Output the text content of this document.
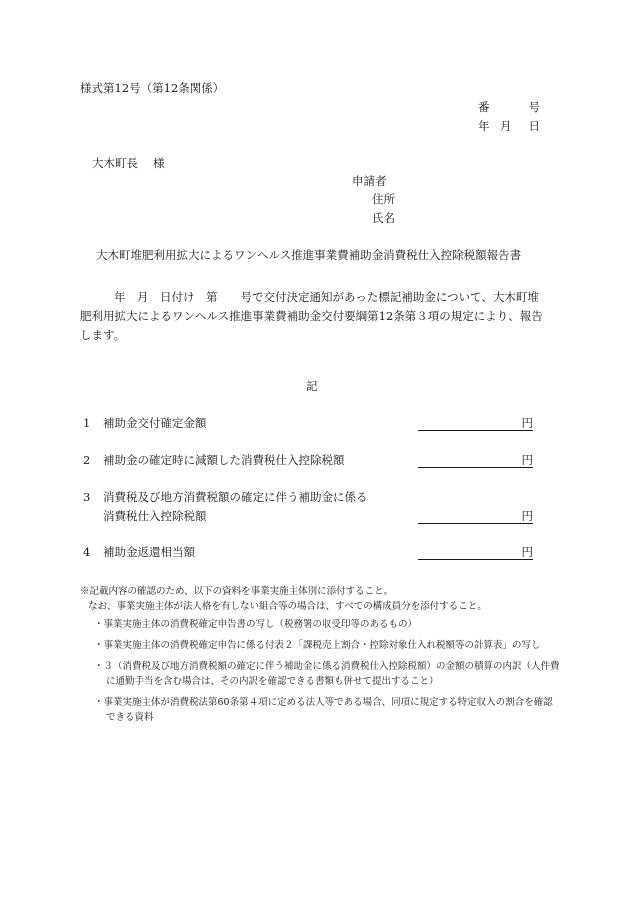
様式第12号（第12条関係）
番	号
年 月 日
大木町長　 様
申請者
住所
氏名
大木町堆肥利用拡大によるワンヘルス推進事業費補助金消費税仕入控除税額報告書
年　月　日付け　第　　号で交付決定通知があった標記補助金について、大木町堆肥利用拡大によるワンヘルス推進事業費補助金交付要綱第12条第３項の規定により、報告します。
記
1 補助金交付確定金額	円
2 補助金の確定時に減額した消費税仕入控除税額	円
3 消費税及び地方消費税額の確定に伴う補助金に係る
消費税仕入控除税額	円
4 補助金返還相当額	円
※記載内容の確認のため、以下の資料を事業実施主体別に添付すること。
なお、事業実施主体が法人格を有しない組合等の場合は、すべての構成員分を添付すること。
・事業実施主体の消費税確定申告書の写し（税務署の収受印等のあるもの）
・事業実施主体の消費税確定申告に係る付表２「課税売上割合・控除対象仕入れ税額等の計算表」の写し
・３（消費税及び地方消費税額の確定に伴う補助金に係る消費税仕入控除税額）の金額の積算の内訳（人件費に通勤手当を含む場合は、その内訳を確認できる書類も併せて提出すること）
・事業実施主体が消費税法第60条第４項に定める法人等である場合、同項に規定する特定収入の割合を確認できる資料
